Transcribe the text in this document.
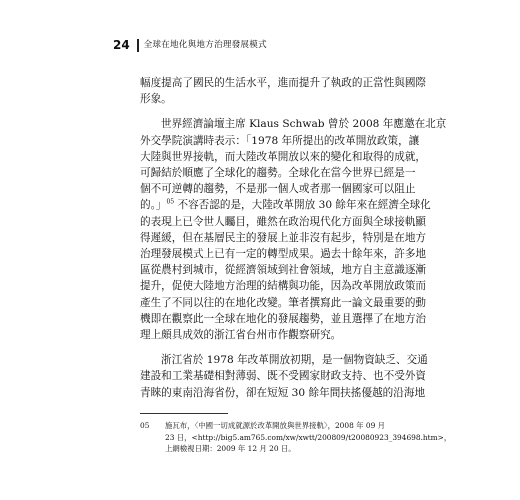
24 全球在地化與地方治理發展模式

幅度提高了國民的生活水平，進而提升了執政的正當性與國際
形象。

世界經濟論壇主席 Klaus Schwab 曾於 2008 年應邀在北京
外交學院演講時表示：「1978 年所提出的改革開放政策，讓
大陸與世界接軌，而大陸改革開放以來的變化和取得的成就，
可歸結於順應了全球化的趨勢。全球化在當今世界已經是一
個不可逆轉的趨勢，不是那一個人或者那一個國家可以阻止
的。」$^{05}$ 不容否認的是，大陸改革開放 30 餘年來在經濟全球化
的表現上已令世人矚目，雖然在政治現代化方面與全球接軌顯
得遲緩，但在基層民主的發展上並非沒有起步，特別是在地方
治理發展模式上已有一定的轉型成果。過去十餘年來，許多地
區從農村到城市，從經濟領域到社會領域，地方自主意識逐漸
提升，促使大陸地方治理的結構與功能，因為改革開放政策而
產生了不同以往的在地化改變。筆者撰寫此一論文最重要的動
機即在觀察此一全球在地化的發展趨勢，並且選擇了在地方治
理上頗具成效的浙江省台州市作觀察研究。

浙江省於 1978 年改革開放初期，是一個物資缺乏、交通
建設和工業基礎相對薄弱、既不受國家財政支持、也不受外資
青睞的東南沿海省份，卻在短短 30 餘年間扶搖優越的沿海地

05	施瓦布，〈中國一切成就源於改革開放與世界接軌〉，2008 年 09 月
23 日，<http://big5.am765.com/xw/xwtt/200809/t20080923_394698.htm>，
上網檢視日期：2009 年 12 月 20 日。
